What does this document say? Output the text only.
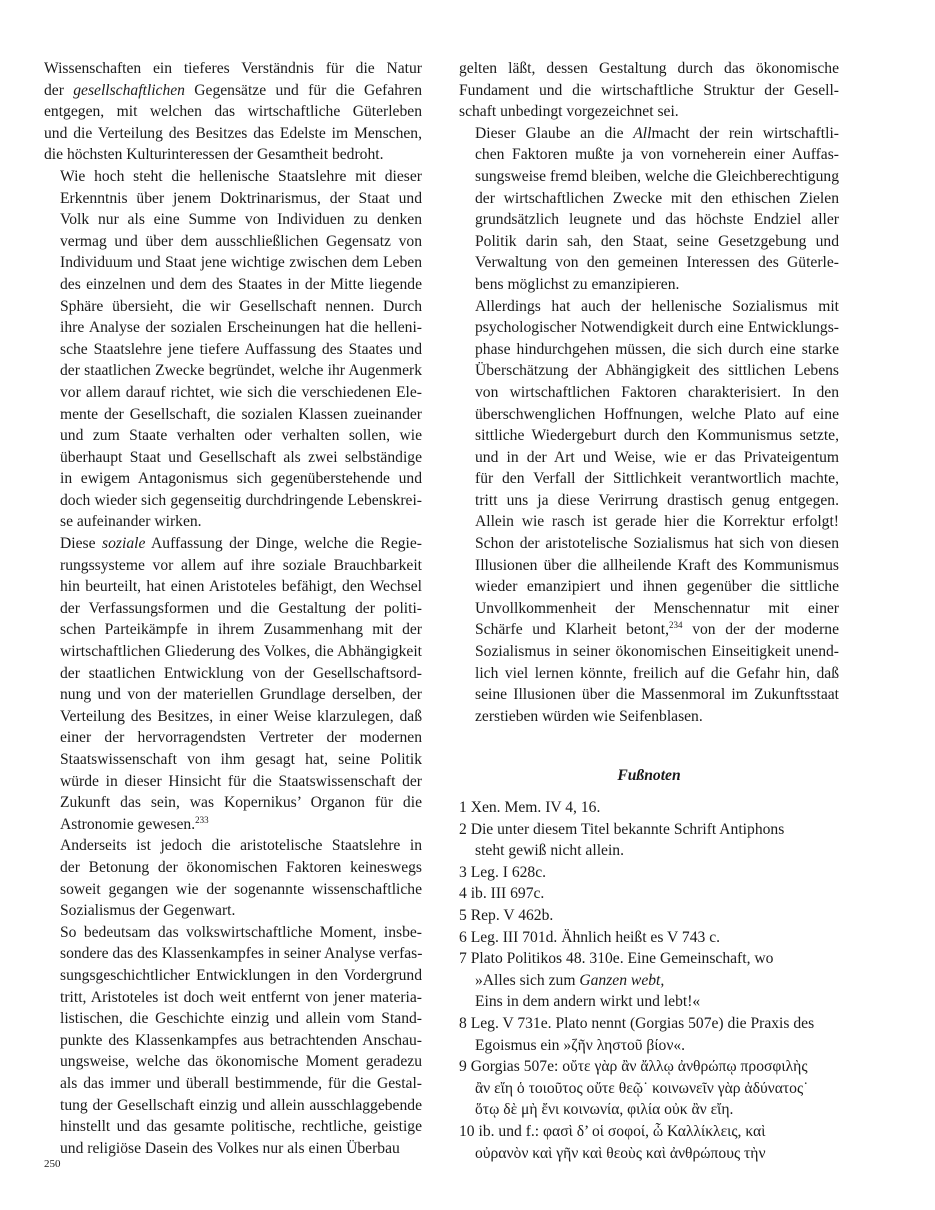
Wissenschaften ein tieferes Verständnis für die Natur
der gesellschaftlichen Gegensätze und für die Gefahren
entgegen, mit welchen das wirtschaftliche Güterleben
und die Verteilung des Besitzes das Edelste im Menschen,
die höchsten Kulturinteressen der Gesamtheit bedroht.
Wie hoch steht die hellenische Staatslehre mit dieser
Erkenntnis über jenem Doktrinarismus, der Staat und
Volk nur als eine Summe von Individuen zu denken
vermag und über dem ausschließlichen Gegensatz von
Individuum und Staat jene wichtige zwischen dem Leben
des einzelnen und dem des Staates in der Mitte liegende
Sphäre übersieht, die wir Gesellschaft nennen. Durch
ihre Analyse der sozialen Erscheinungen hat die helleni-
sche Staatslehre jene tiefere Auffassung des Staates und
der staatlichen Zwecke begründet, welche ihr Augenmerk
vor allem darauf richtet, wie sich die verschiedenen Ele-
mente der Gesellschaft, die sozialen Klassen zueinander
und zum Staate verhalten oder verhalten sollen, wie
überhaupt Staat und Gesellschaft als zwei selbständige
in ewigem Antagonismus sich gegenüberstehende und
doch wieder sich gegenseitig durchdringende Lebenskrei-
se aufeinander wirken.
Diese soziale Auffassung der Dinge, welche die Regie-
rungssysteme vor allem auf ihre soziale Brauchbarkeit
hin beurteilt, hat einen Aristoteles befähigt, den Wechsel
der Verfassungsformen und die Gestaltung der politi-
schen Parteikämpfe in ihrem Zusammenhang mit der
wirtschaftlichen Gliederung des Volkes, die Abhängigkeit
der staatlichen Entwicklung von der Gesellschaftsord-
nung und von der materiellen Grundlage derselben, der
Verteilung des Besitzes, in einer Weise klarzulegen, daß
einer der hervorragendsten Vertreter der modernen
Staatswissenschaft von ihm gesagt hat, seine Politik
würde in dieser Hinsicht für die Staatswissenschaft der
Zukunft das sein, was Kopernikus’ Organon für die
Astronomie gewesen.$^{233}$
Anderseits ist jedoch die aristotelische Staatslehre in
der Betonung der ökonomischen Faktoren keineswegs
soweit gegangen wie der sogenannte wissenschaftliche
Sozialismus der Gegenwart.
So bedeutsam das volkswirtschaftliche Moment, insbe-
sondere das des Klassenkampfes in seiner Analyse verfas-
sungsgeschichtlicher Entwicklungen in den Vordergrund
tritt, Aristoteles ist doch weit entfernt von jener materia-
listischen, die Geschichte einzig und allein vom Stand-
punkte des Klassenkampfes aus betrachtenden Anschau-
ungsweise, welche das ökonomische Moment geradezu
als das immer und überall bestimmende, für die Gestal-
tung der Gesellschaft einzig und allein ausschlaggebende
hinstellt und das gesamte politische, rechtliche, geistige
und religiöse Dasein des Volkes nur als einen Überbau
gelten läßt, dessen Gestaltung durch das ökonomische
Fundament und die wirtschaftliche Struktur der Gesell-
schaft unbedingt vorgezeichnet sei.
Dieser Glaube an die Allmacht der rein wirtschaftli-
chen Faktoren mußte ja von vorneherein einer Auffas-
sungsweise fremd bleiben, welche die Gleichberechtigung
der wirtschaftlichen Zwecke mit den ethischen Zielen
grundsätzlich leugnete und das höchste Endziel aller
Politik darin sah, den Staat, seine Gesetzgebung und
Verwaltung von den gemeinen Interessen des Güterle-
bens möglichst zu emanzipieren.
Allerdings hat auch der hellenische Sozialismus mit
psychologischer Notwendigkeit durch eine Entwicklungs-
phase hindurchgehen müssen, die sich durch eine starke
Überschätzung der Abhängigkeit des sittlichen Lebens
von wirtschaftlichen Faktoren charakterisiert. In den
überschwenglichen Hoffnungen, welche Plato auf eine
sittliche Wiedergeburt durch den Kommunismus setzte,
und in der Art und Weise, wie er das Privateigentum
für den Verfall der Sittlichkeit verantwortlich machte,
tritt uns ja diese Verirrung drastisch genug entgegen.
Allein wie rasch ist gerade hier die Korrektur erfolgt!
Schon der aristotelische Sozialismus hat sich von diesen
Illusionen über die allheilende Kraft des Kommunismus
wieder emanzipiert und ihnen gegenüber die sittliche
Unvollkommenheit der Menschennatur mit einer
Schärfe und Klarheit betont,$^{234}$ von der der moderne
Sozialismus in seiner ökonomischen Einseitigkeit unend-
lich viel lernen könnte, freilich auf die Gefahr hin, daß
seine Illusionen über die Massenmoral im Zukunftsstaat
zerstieben würden wie Seifenblasen.
Fußnoten
1 Xen. Mem. IV 4, 16.
2 Die unter diesem Titel bekannte Schrift Antiphons
steht gewiß nicht allein.
3 Leg. I 628c.
4 ib. III 697c.
5 Rep. V 462b.
6 Leg. III 701d. Ähnlich heißt es V 743 c.
7 Plato Politikos 48. 310e. Eine Gemeinschaft, wo
»Alles sich zum Ganzen webt,
Eins in dem andern wirkt und lebt!«
8 Leg. V 731e. Plato nennt (Gorgias 507e) die Praxis des
Egoismus ein »ζῆν ληστοῦ βίον«.
9 Gorgias 507e: οὔτε γὰρ ἂν ἄλλῳ ἀνθρώπῳ προσφιλὴς
ἂν εἴη ὁ τοιοῦτος οὔτε θεῷ˙ κοινωνεῖν γὰρ ἀδύνατος˙
ὅτῳ δὲ μὴ ἔνι κοινωνία, φιλία οὐκ ἂν εἴη.
10 ib. und f.: φασὶ δ’ οἱ σοφοί, ὦ Καλλίκλεις, καὶ
οὐρανὸν καὶ γῆν καὶ θεοὺς καὶ ἀνθρώπους τὴν
250
